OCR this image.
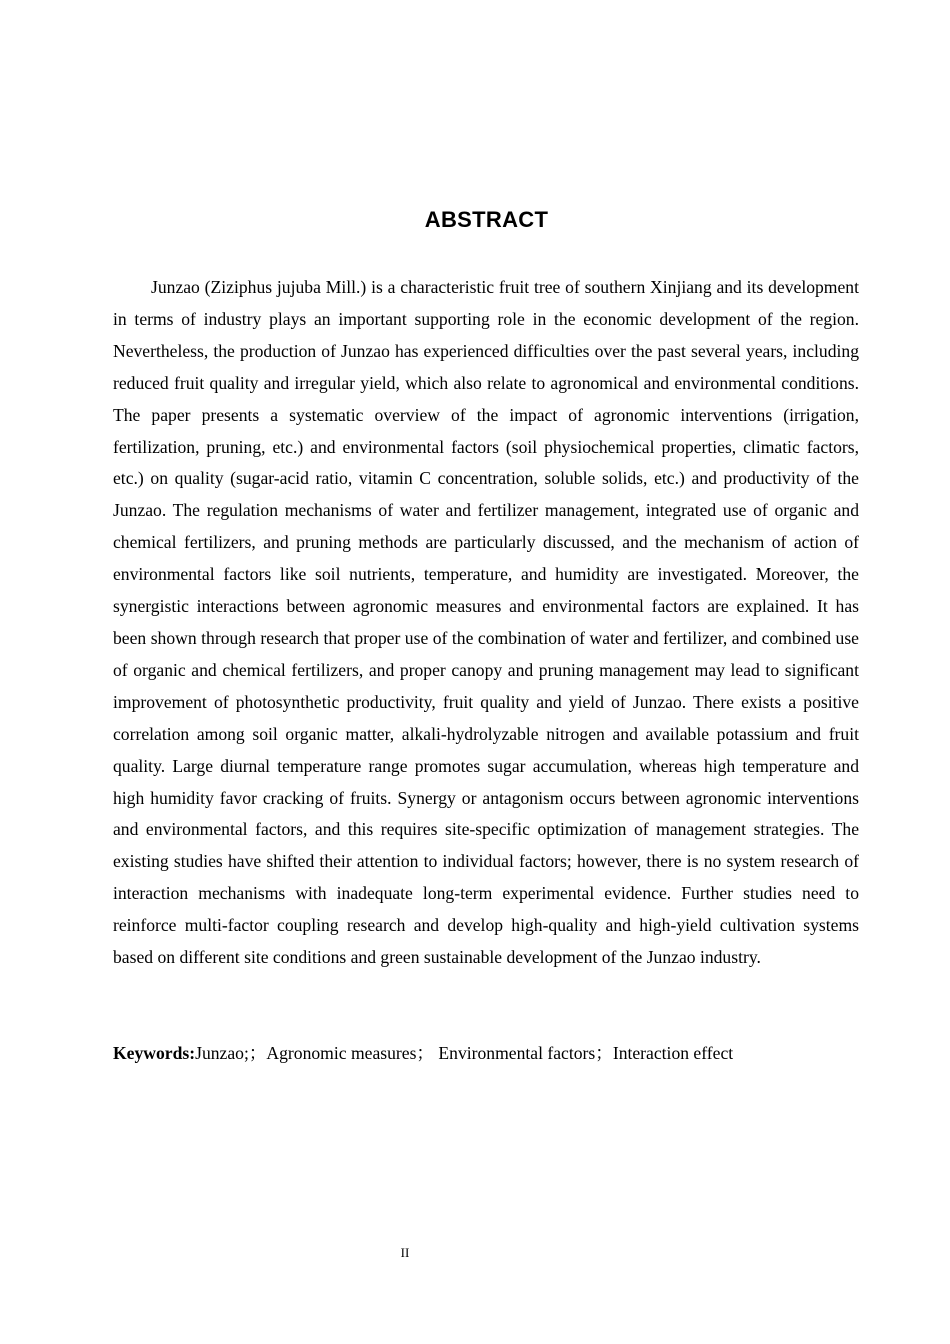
ABSTRACT

Junzao (Ziziphus jujuba Mill.) is a characteristic fruit tree of southern Xinjiang and its development in terms of industry plays an important supporting role in the economic development of the region. Nevertheless, the production of Junzao has experienced difficulties over the past several years, including reduced fruit quality and irregular yield, which also relate to agronomical and environmental conditions. The paper presents a systematic overview of the impact of agronomic interventions (irrigation, fertilization, pruning, etc.) and environmental factors (soil physiochemical properties, climatic factors, etc.) on quality (sugar-acid ratio, vitamin C concentration, soluble solids, etc.) and productivity of the Junzao. The regulation mechanisms of water and fertilizer management, integrated use of organic and chemical fertilizers, and pruning methods are particularly discussed, and the mechanism of action of environmental factors like soil nutrients, temperature, and humidity are investigated. Moreover, the synergistic interactions between agronomic measures and environmental factors are explained. It has been shown through research that proper use of the combination of water and fertilizer, and combined use of organic and chemical fertilizers, and proper canopy and pruning management may lead to significant improvement of photosynthetic productivity, fruit quality and yield of Junzao. There exists a positive correlation among soil organic matter, alkali-hydrolyzable nitrogen and available potassium and fruit quality. Large diurnal temperature range promotes sugar accumulation, whereas high temperature and high humidity favor cracking of fruits. Synergy or antagonism occurs between agronomic interventions and environmental factors, and this requires site-specific optimization of management strategies. The existing studies have shifted their attention to individual factors; however, there is no system research of interaction mechanisms with inadequate long-term experimental evidence. Further studies need to reinforce multi-factor coupling research and develop high-quality and high-yield cultivation systems based on different site conditions and green sustainable development of the Junzao industry.

Keywords:Junzao;；Agronomic measures； Environmental factors；Interaction effect

II
